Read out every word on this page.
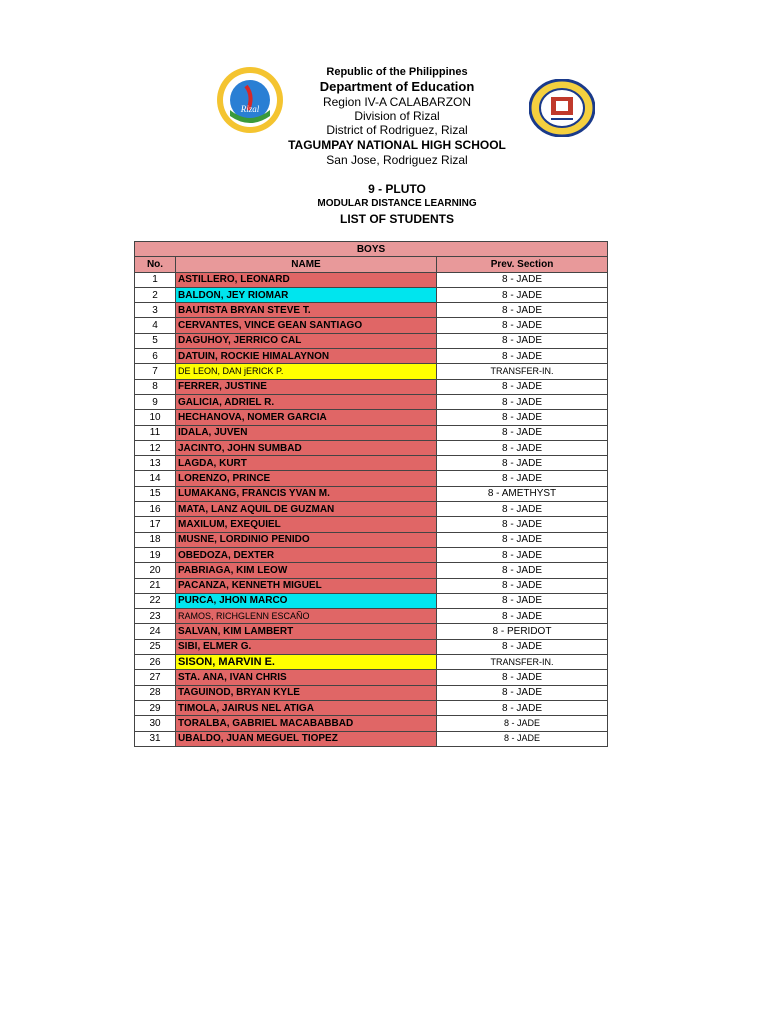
Rizal
Republic of the Philippines
Department of Education
Region IV-A CALABARZON
Division of Rizal
District of Rodriguez, Rizal
TAGUMPAY NATIONAL HIGH SCHOOL
San Jose, Rodriguez Rizal
9 - PLUTO
MODULAR DISTANCE LEARNING
LIST OF STUDENTS
BOYS		
No.	NAME	Prev. Section
1	ASTILLERO, LEONARD	8 - JADE
2	BALDON, JEY RIOMAR	8 - JADE
3	BAUTISTA BRYAN STEVE T.	8 - JADE
4	CERVANTES, VINCE GEAN SANTIAGO	8 - JADE
5	DAGUHOY, JERRICO CAL	8 - JADE
6	DATUIN, ROCKIE HIMALAYNON	8 - JADE
7	DE LEON, DAN jERICK P.	TRANSFER-IN.
8	FERRER, JUSTINE	8 - JADE
9	GALICIA, ADRIEL R.	8 - JADE
10	HECHANOVA, NOMER GARCIA	8 - JADE
11	IDALA, JUVEN	8 - JADE
12	JACINTO, JOHN SUMBAD	8 - JADE
13	LAGDA, KURT	8 - JADE
14	LORENZO, PRINCE	8 - JADE
15	LUMAKANG, FRANCIS YVAN M.	8 - AMETHYST
16	MATA, LANZ AQUIL DE GUZMAN	8 - JADE
17	MAXILUM, EXEQUIEL	8 - JADE
18	MUSNE, LORDINIO PENIDO	8 - JADE
19	OBEDOZA, DEXTER	8 - JADE
20	PABRIAGA, KIM LEOW	8 - JADE
21	PACANZA, KENNETH MIGUEL	8 - JADE
22	PURCA, JHON MARCO	8 - JADE
23	RAMOS, RICHGLENN ESCAÑO	8 - JADE
24	SALVAN, KIM LAMBERT	8 - PERIDOT
25	SIBI, ELMER G.	8 - JADE
26	SISON, MARVIN E.	TRANSFER-IN.
27	STA. ANA, IVAN CHRIS	8 - JADE
28	TAGUINOD, BRYAN KYLE	8 - JADE
29	TIMOLA, JAIRUS NEL ATIGA	8 - JADE
30	TORALBA, GABRIEL MACABABBAD	8 - JADE
31	UBALDO, JUAN MEGUEL TIOPEZ	8 - JADE
